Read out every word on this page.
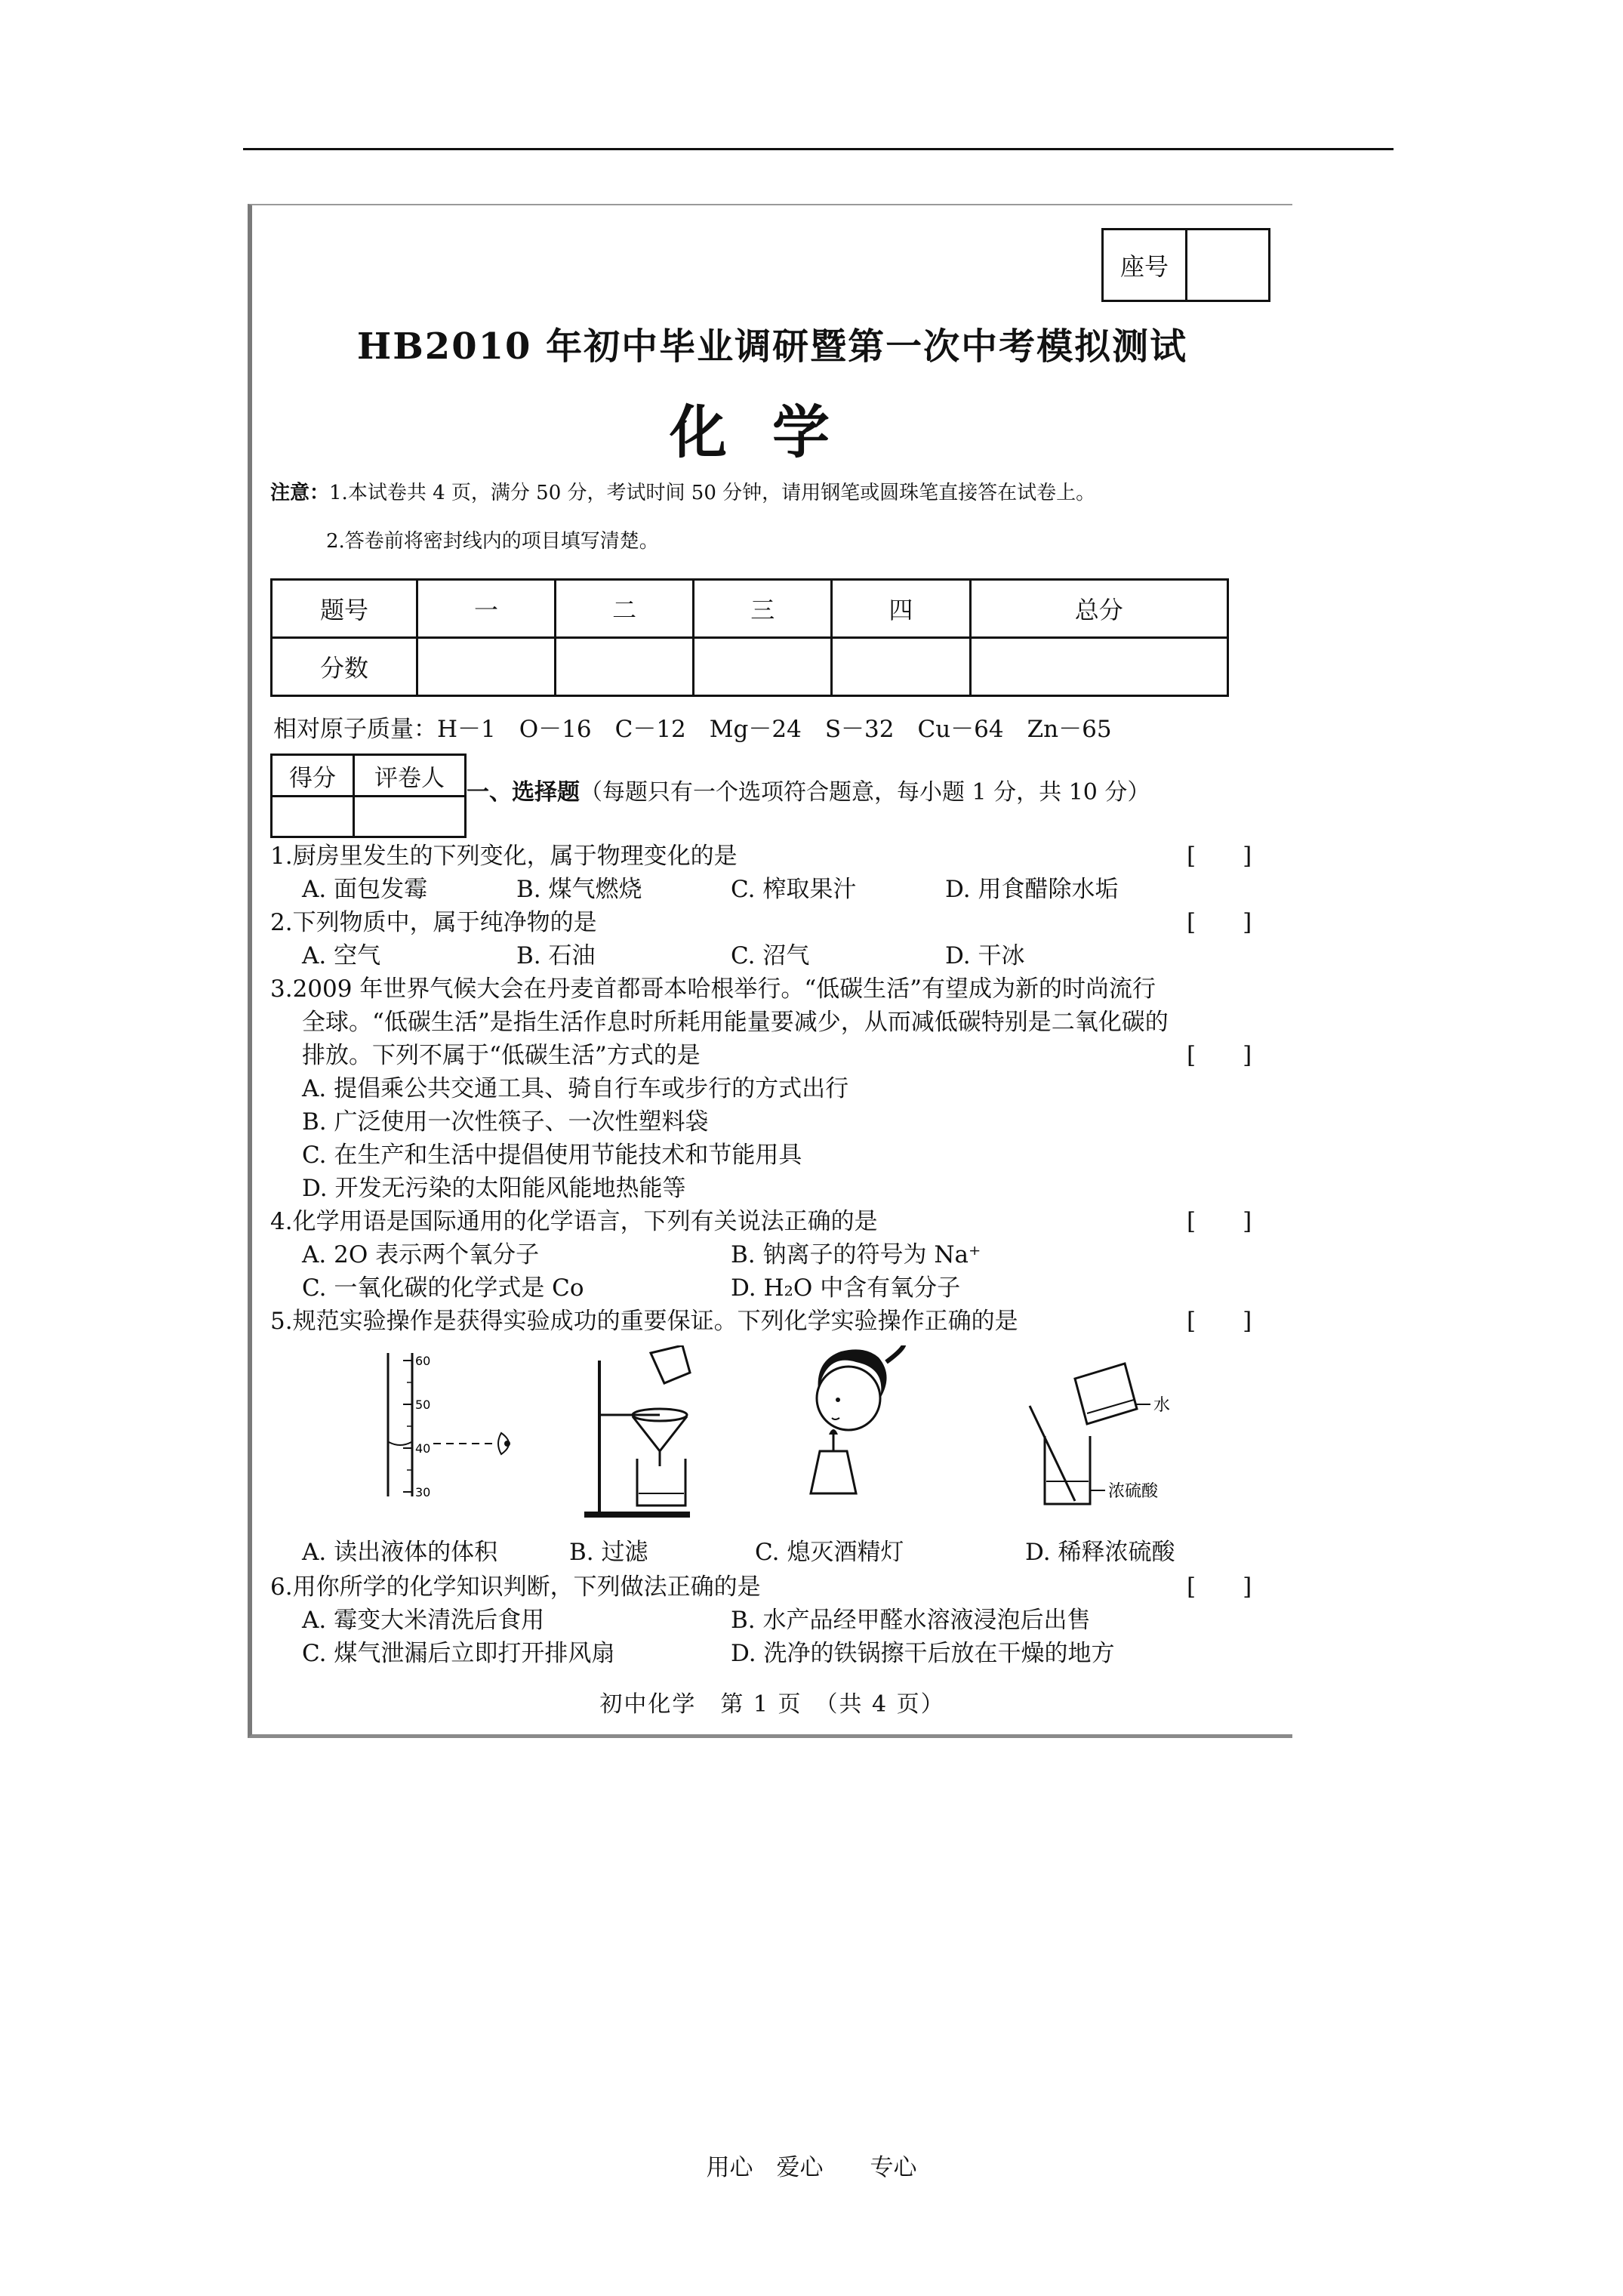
座号
HB2010 年初中毕业调研暨第一次中考模拟测试
化学
注意：1.本试卷共 4 页，满分 50 分，考试时间 50 分钟，请用钢笔或圆珠笔直接答在试卷上。
2.答卷前将密封线内的项目填写清楚。
题号	一	二	三	四	总分
分数					
相对原子质量：H－1　O－16　C－12　Mg－24　S－32　Cu－64　Zn－65
得分	评卷人
一、选择题（每题只有一个选项符合题意，每小题 1 分，共 10 分）
1.厨房里发生的下列变化，属于物理变化的是	[　　]
A. 面包发霉	B. 煤气燃烧	C. 榨取果汁	D. 用食醋除水垢
2.下列物质中，属于纯净物的是	[　　]
A. 空气	B. 石油	C. 沼气	D. 干冰
3.2009 年世界气候大会在丹麦首都哥本哈根举行。“低碳生活”有望成为新的时尚流行
全球。“低碳生活”是指生活作息时所耗用能量要减少，从而减低碳特别是二氧化碳的
排放。下列不属于“低碳生活”方式的是	[　　]
A. 提倡乘公共交通工具、骑自行车或步行的方式出行
B. 广泛使用一次性筷子、一次性塑料袋
C. 在生产和生活中提倡使用节能技术和节能用具
D. 开发无污染的太阳能风能地热能等
4.化学用语是国际通用的化学语言，下列有关说法正确的是	[　　]
A. 2O 表示两个氧分子	B. 钠离子的符号为 Na⁺
C. 一氧化碳的化学式是 Co	D. H₂O 中含有氧分子
5.规范实验操作是获得实验成功的重要保证。下列化学实验操作正确的是	[　　]
60
50
40
30
水
浓硫酸
A. 读出液体的体积	B. 过滤	C. 熄灭酒精灯	D. 稀释浓硫酸
6.用你所学的化学知识判断，下列做法正确的是	[　　]
A. 霉变大米清洗后食用	B. 水产品经甲醛水溶液浸泡后出售
C. 煤气泄漏后立即打开排风扇	D. 洗净的铁锅擦干后放在干燥的地方
初中化学　第 1 页　（共 4 页）
用心　爱心　　专心
